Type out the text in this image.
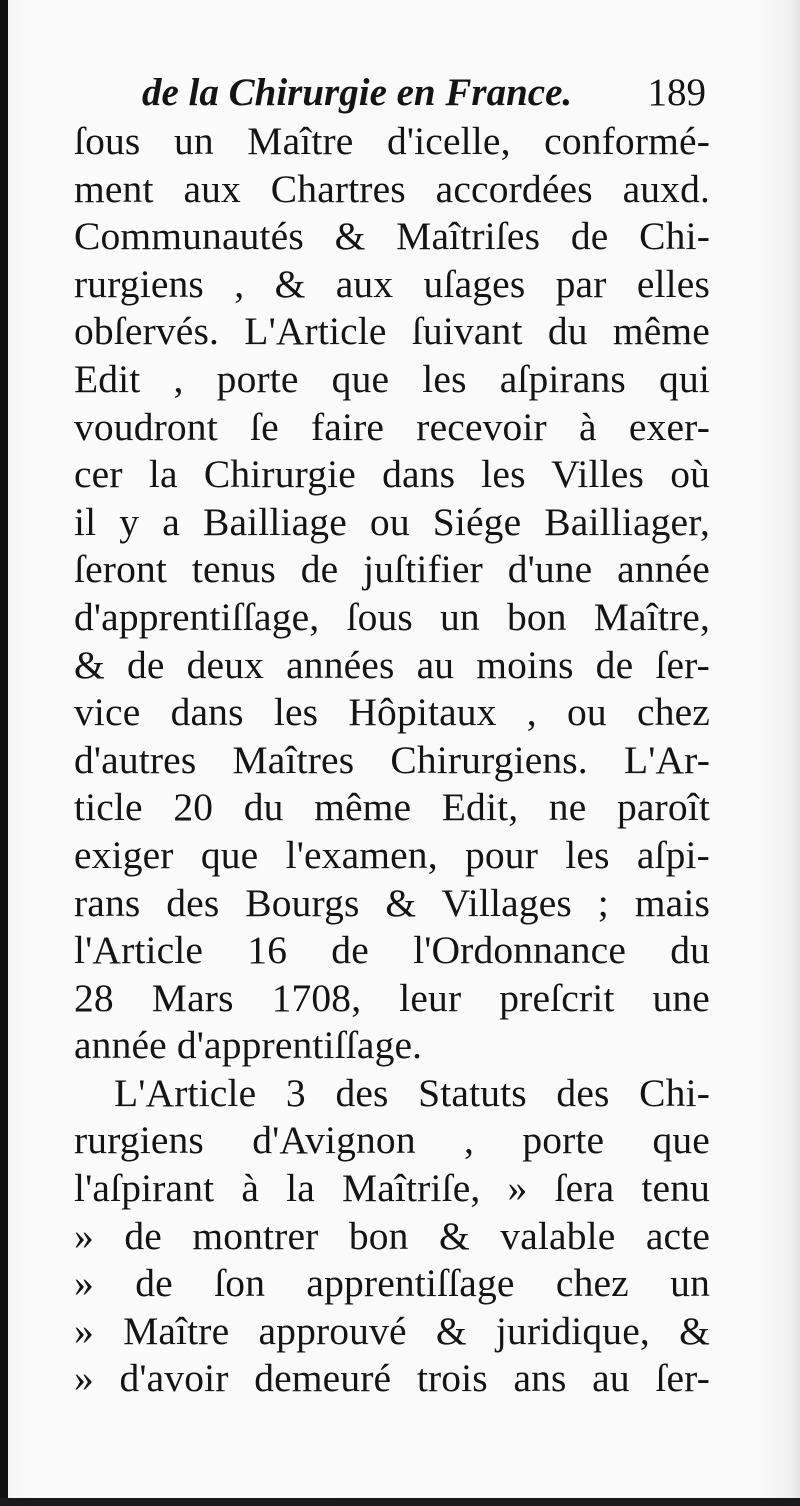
de la Chirurgie en France. 189
ſous un Maître d'icelle, conformé-
ment aux Chartres accordées auxd.
Communautés & Maîtriſes de Chi-
rurgiens , & aux uſages par elles
obſervés. L'Article ſuivant du même
Edit , porte que les aſpirans qui
voudront ſe faire recevoir à exer-
cer la Chirurgie dans les Villes où
il y a Bailliage ou Siége Bailliager,
ſeront tenus de juſtifier d'une année
d'apprentiſſage, ſous un bon Maître,
& de deux années au moins de ſer-
vice dans les Hôpitaux , ou chez
d'autres Maîtres Chirurgiens. L'Ar-
ticle 20 du même Edit, ne paroît
exiger que l'examen, pour les aſpi-
rans des Bourgs & Villages ; mais
l'Article 16 de l'Ordonnance du
28 Mars 1708, leur preſcrit une
année d'apprentiſſage.
L'Article 3 des Statuts des Chi-
rurgiens d'Avignon , porte que
l'aſpirant à la Maîtriſe, » ſera tenu
» de montrer bon & valable acte
» de ſon apprentiſſage chez un
» Maître approuvé & juridique, &
» d'avoir demeuré trois ans au ſer-
